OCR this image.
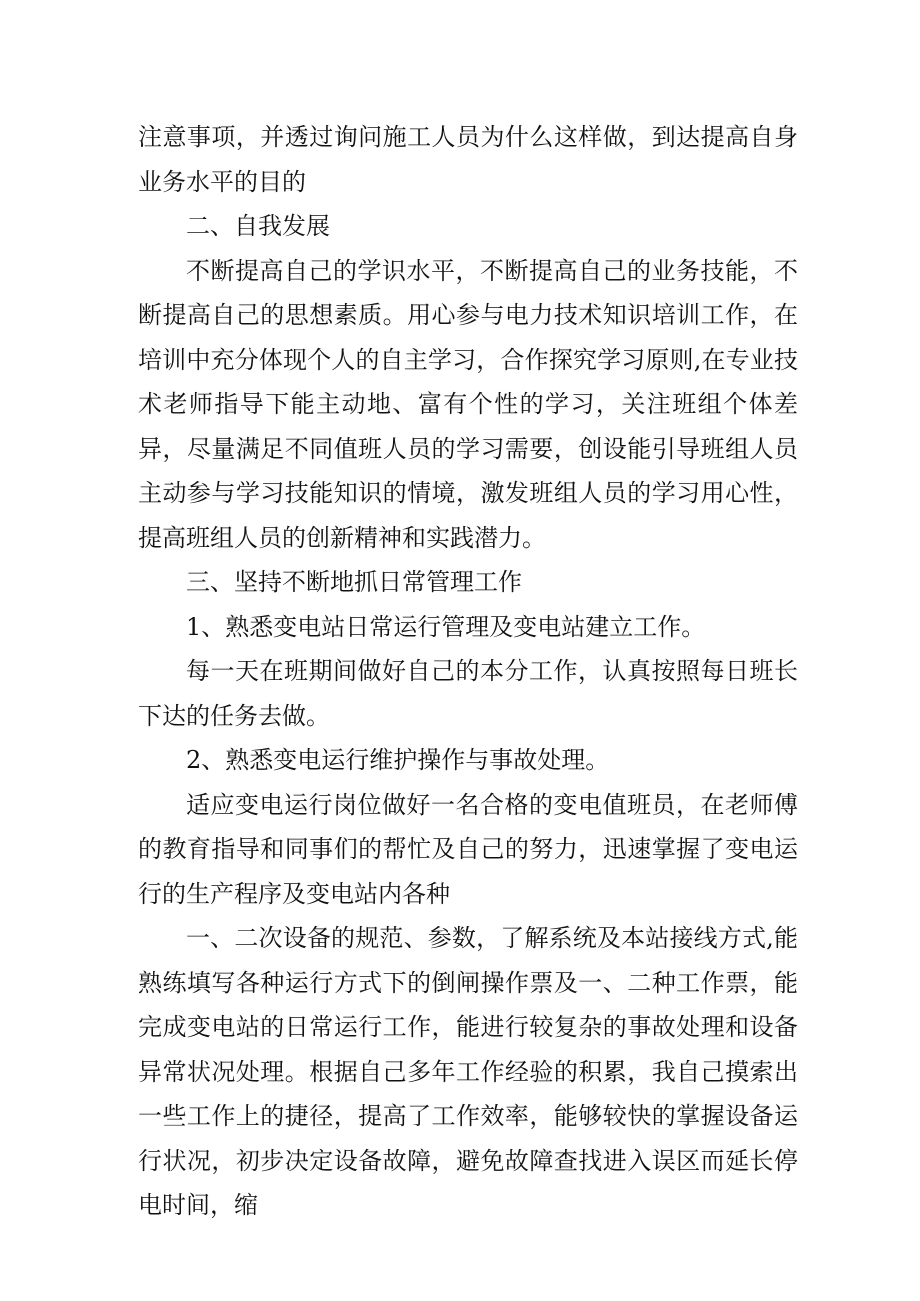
注意事项，并透过询问施工人员为什么这样做，到达提高自身业务水平的目的

二、自我发展

不断提高自己的学识水平，不断提高自己的业务技能，不断提高自己的思想素质。用心参与电力技术知识培训工作，在培训中充分体现个人的自主学习，合作探究学习原则,在专业技术老师指导下能主动地、富有个性的学习，关注班组个体差异，尽量满足不同值班人员的学习需要，创设能引导班组人员主动参与学习技能知识的情境，激发班组人员的学习用心性，提高班组人员的创新精神和实践潜力。

三、坚持不断地抓日常管理工作

1、熟悉变电站日常运行管理及变电站建立工作。

每一天在班期间做好自己的本分工作，认真按照每日班长下达的任务去做。

2、熟悉变电运行维护操作与事故处理。

适应变电运行岗位做好一名合格的变电值班员，在老师傅的教育指导和同事们的帮忙及自己的努力，迅速掌握了变电运行的生产程序及变电站内各种

一、二次设备的规范、参数，了解系统及本站接线方式,能熟练填写各种运行方式下的倒闸操作票及一、二种工作票，能完成变电站的日常运行工作，能进行较复杂的事故处理和设备异常状况处理。根据自己多年工作经验的积累，我自己摸索出一些工作上的捷径，提高了工作效率，能够较快的掌握设备运行状况，初步决定设备故障，避免故障查找进入误区而延长停电时间，缩
